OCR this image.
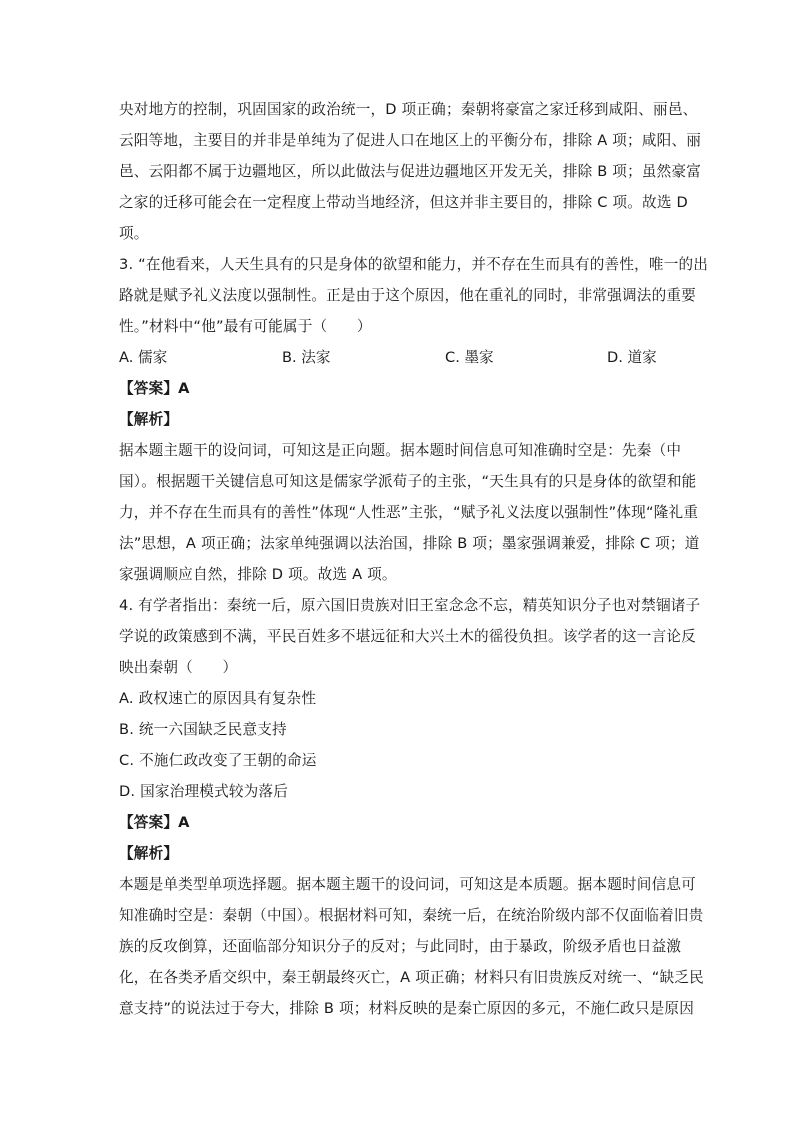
央对地方的控制，巩固国家的政治统一，D 项正确；秦朝将豪富之家迁移到咸阳、丽邑、
云阳等地，主要目的并非是单纯为了促进人口在地区上的平衡分布，排除 A 项；咸阳、丽
邑、云阳都不属于边疆地区，所以此做法与促进边疆地区开发无关，排除 B 项；虽然豪富
之家的迁移可能会在一定程度上带动当地经济，但这并非主要目的，排除 C 项。故选 D
项。
3. “在他看来，人天生具有的只是身体的欲望和能力，并不存在生而具有的善性，唯一的出
路就是赋予礼义法度以强制性。正是由于这个原因，他在重礼的同时，非常强调法的重要
性。”材料中“他”最有可能属于（　　）
A. 儒家	B. 法家	C. 墨家	D. 道家
【答案】A
【解析】
据本题主题干的设问词，可知这是正向题。据本题时间信息可知准确时空是：先秦（中
国）。根据题干关键信息可知这是儒家学派荀子的主张，“天生具有的只是身体的欲望和能
力，并不存在生而具有的善性”体现“人性恶”主张，“赋予礼义法度以强制性”体现“隆礼重
法”思想，A 项正确；法家单纯强调以法治国，排除 B 项；墨家强调兼爱，排除 C 项；道
家强调顺应自然，排除 D 项。故选 A 项。
4. 有学者指出：秦统一后，原六国旧贵族对旧王室念念不忘，精英知识分子也对禁锢诸子
学说的政策感到不满，平民百姓多不堪远征和大兴土木的徭役负担。该学者的这一言论反
映出秦朝（　　）
A. 政权速亡的原因具有复杂性
B. 统一六国缺乏民意支持
C. 不施仁政改变了王朝的命运
D. 国家治理模式较为落后
【答案】A
【解析】
本题是单类型单项选择题。据本题主题干的设问词，可知这是本质题。据本题时间信息可
知准确时空是：秦朝（中国）。根据材料可知，秦统一后，在统治阶级内部不仅面临着旧贵
族的反攻倒算，还面临部分知识分子的反对；与此同时，由于暴政，阶级矛盾也日益激
化，在各类矛盾交织中，秦王朝最终灭亡，A 项正确；材料只有旧贵族反对统一、“缺乏民
意支持”的说法过于夸大，排除 B 项；材料反映的是秦亡原因的多元，不施仁政只是原因
